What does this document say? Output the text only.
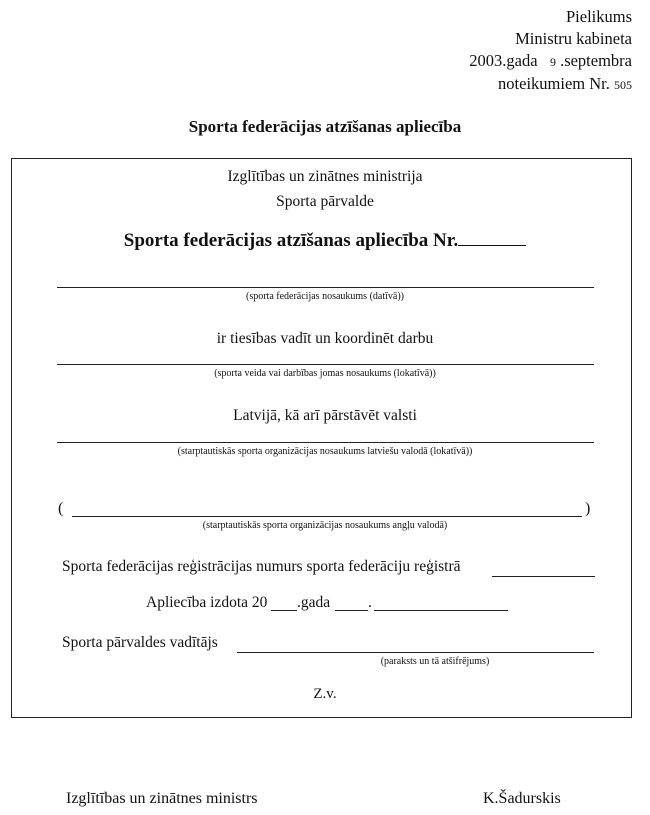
Pielikums
Ministru kabineta
2003.gada 9 .septembra
noteikumiem Nr. 505
Sporta federācijas atzīšanas apliecība
Izglītības un zinātnes ministrija
Sporta pārvalde
Sporta federācijas atzīšanas apliecība Nr.
(sporta federācijas nosaukums (datīvā))
ir tiesības vadīt un koordinēt darbu
(sporta veida vai darbības jomas nosaukums (lokatīvā))
Latvijā, kā arī pārstāvēt valsti
(starptautiskās sporta organizācijas nosaukums latviešu valodā (lokatīvā))
(	)
(starptautiskās sporta organizācijas nosaukums angļu valodā)
Sporta federācijas reģistrācijas numurs sporta federāciju reģistrā
Apliecība izdota 20 .gada .
Sporta pārvaldes vadītājs
(paraksts un tā atšifrējums)
Z.v.
Izglītības un zinātnes ministrs	K.Šadurskis
